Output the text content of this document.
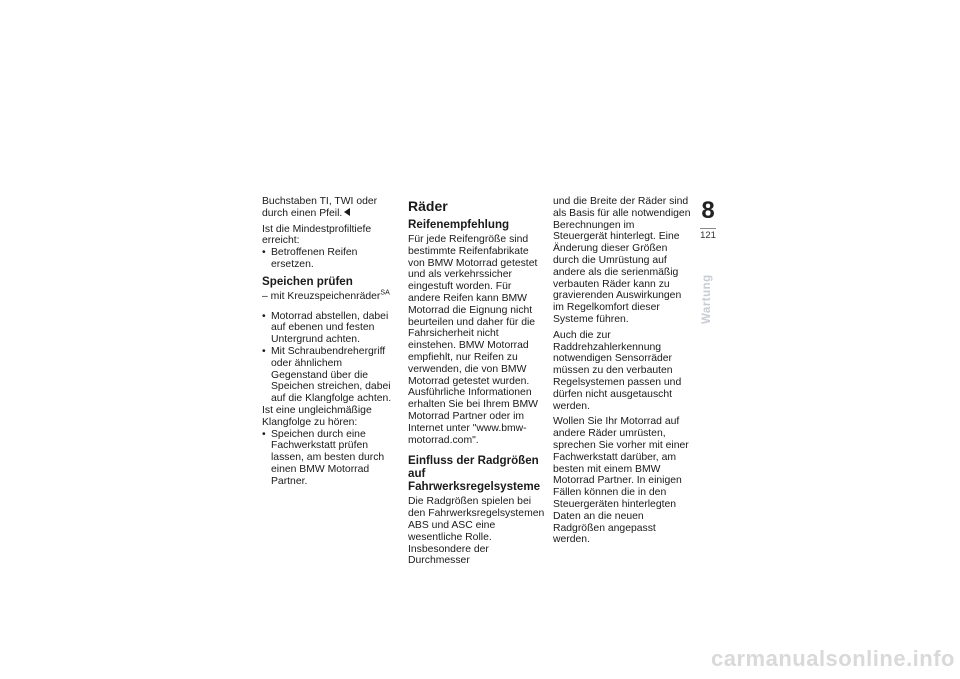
Buchstaben TI, TWI oder durch einen Pfeil.

Ist die Mindestprofiltiefe erreicht:

• Betroffenen Reifen ersetzen.

Speichen prüfen

– mit Kreuzspeichenräder$^{SA}$

• Motorrad abstellen, dabei auf ebenen und festen Untergrund achten.

• Mit Schraubendrehergriff oder ähnlichem Gegenstand über die Speichen streichen, dabei auf die Klangfolge achten.

Ist eine ungleichmäßige Klangfolge zu hören:

• Speichen durch eine Fachwerkstatt prüfen lassen, am besten durch einen BMW Motorrad Partner.

Räder
Reifenempfehlung

Für jede Reifengröße sind bestimmte Reifenfabrikate von BMW Motorrad getestet und als verkehrssicher eingestuft worden. Für andere Reifen kann BMW Motorrad die Eignung nicht beurteilen und daher für die Fahrsicherheit nicht einstehen. BMW Motorrad empfiehlt, nur Reifen zu verwenden, die von BMW Motorrad getestet wurden. Ausführliche Informationen erhalten Sie bei Ihrem BMW Motorrad Partner oder im Internet unter "www.bmw-motorrad.com".

Einfluss der Radgrößen auf Fahrwerksregelsysteme

Die Radgrößen spielen bei den Fahrwerksregelsystemen ABS und ASC eine wesentliche Rolle. Insbesondere der Durchmesser

und die Breite der Räder sind als Basis für alle notwendigen Berechnungen im Steuergerät hinterlegt. Eine Änderung dieser Größen durch die Umrüstung auf andere als die serienmäßig verbauten Räder kann zu gravierenden Auswirkungen im Regelkomfort dieser Systeme führen.

Auch die zur Raddrehzahlerkennung notwendigen Sensorräder müssen zu den verbauten Regelsystemen passen und dürfen nicht ausgetauscht werden.

Wollen Sie Ihr Motorrad auf andere Räder umrüsten, sprechen Sie vorher mit einer Fachwerkstatt darüber, am besten mit einem BMW Motorrad Partner. In einigen Fällen können die in den Steuergeräten hinterlegten Daten an die neuen Radgrößen angepasst werden.

8
121
Wartung
carmanualsonline.info
